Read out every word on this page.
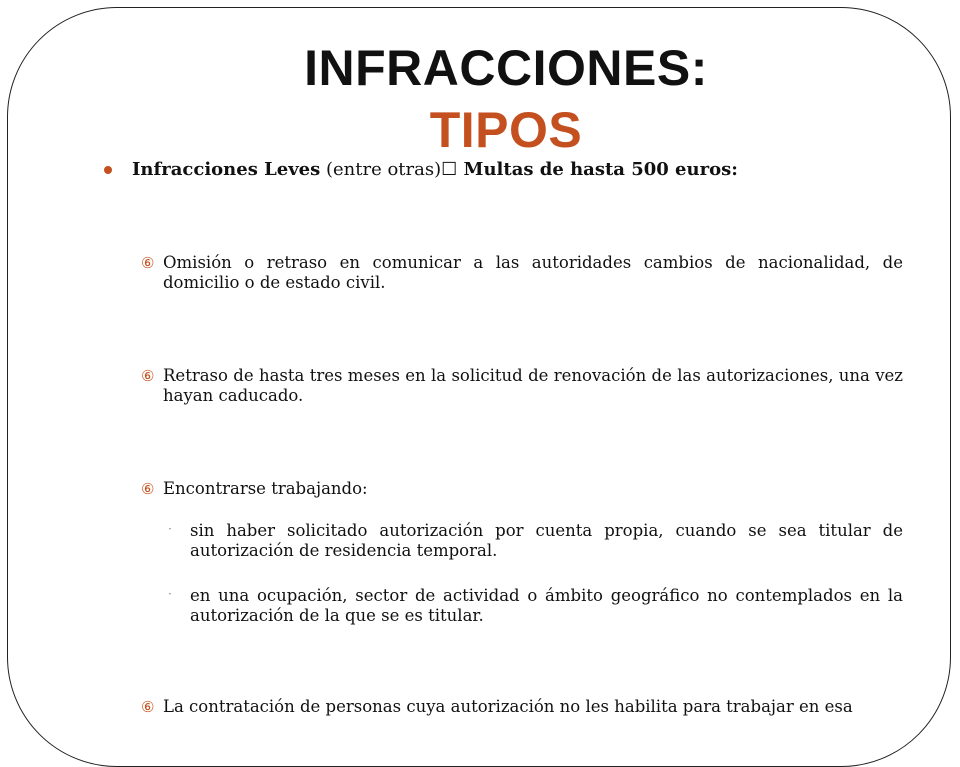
INFRACCIONES:
TIPOS
Infracciones Leves (entre otras)☐ Multas de hasta 500 euros:
⑥ Omisión o retraso en comunicar a las autoridades cambios de nacionalidad, de domicilio o de estado civil.
⑥ Retraso de hasta tres meses en la solicitud de renovación de las autorizaciones, una vez hayan caducado.
⑥ Encontrarse trabajando:
· sin haber solicitado autorización por cuenta propia, cuando se sea titular de autorización de residencia temporal.
· en una ocupación, sector de actividad o ámbito geográfico no contemplados en la autorización de la que se es titular.
⑥ La contratación de personas cuya autorización no les habilita para trabajar en esa
